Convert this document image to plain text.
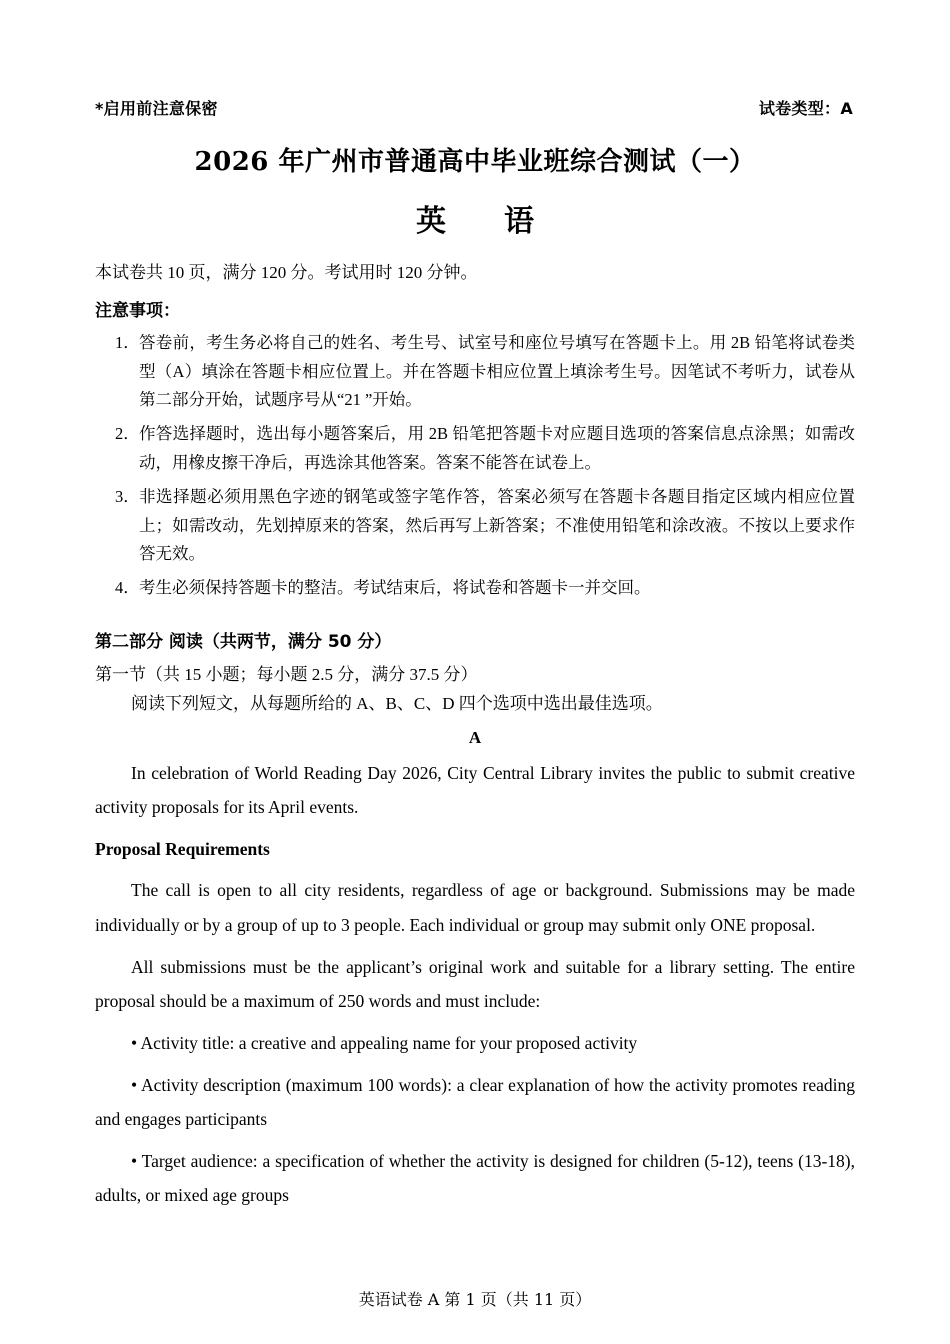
*启用前注意保密	试卷类型：A
2026 年广州市普通高中毕业班综合测试（一）
英　语
本试卷共 10 页，满分 120 分。考试用时 120 分钟。
注意事项：
1． 答卷前，考生务必将自己的姓名、考生号、试室号和座位号填写在答题卡上。用 2B 铅笔将试卷类型（A）填涂在答题卡相应位置上。并在答题卡相应位置上填涂考生号。因笔试不考听力，试卷从第二部分开始，试题序号从“21 ”开始。
2． 作答选择题时，选出每小题答案后，用 2B 铅笔把答题卡对应题目选项的答案信息点涂黑；如需改动，用橡皮擦干净后，再选涂其他答案。答案不能答在试卷上。
3． 非选择题必须用黑色字迹的钢笔或签字笔作答，答案必须写在答题卡各题目指定区域内相应位置上；如需改动，先划掉原来的答案，然后再写上新答案；不准使用铅笔和涂改液。不按以上要求作答无效。
4． 考生必须保持答题卡的整洁。考试结束后，将试卷和答题卡一并交回。
第二部分 阅读（共两节，满分 50 分）
第一节（共 15 小题；每小题 2.5 分，满分 37.5 分）
阅读下列短文，从每题所给的 A、B、C、D 四个选项中选出最佳选项。
A
In celebration of World Reading Day 2026, City Central Library invites the public to submit creative activity proposals for its April events.
Proposal Requirements
The call is open to all city residents, regardless of age or background. Submissions may be made individually or by a group of up to 3 people. Each individual or group may submit only ONE proposal.
All submissions must be the applicant’s original work and suitable for a library setting. The entire proposal should be a maximum of 250 words and must include:
• Activity title: a creative and appealing name for your proposed activity
• Activity description (maximum 100 words): a clear explanation of how the activity promotes reading and engages participants
• Target audience: a specification of whether the activity is designed for children (5-12), teens (13-18), adults, or mixed age groups
英语试卷 A 第 1 页（共 11 页）
